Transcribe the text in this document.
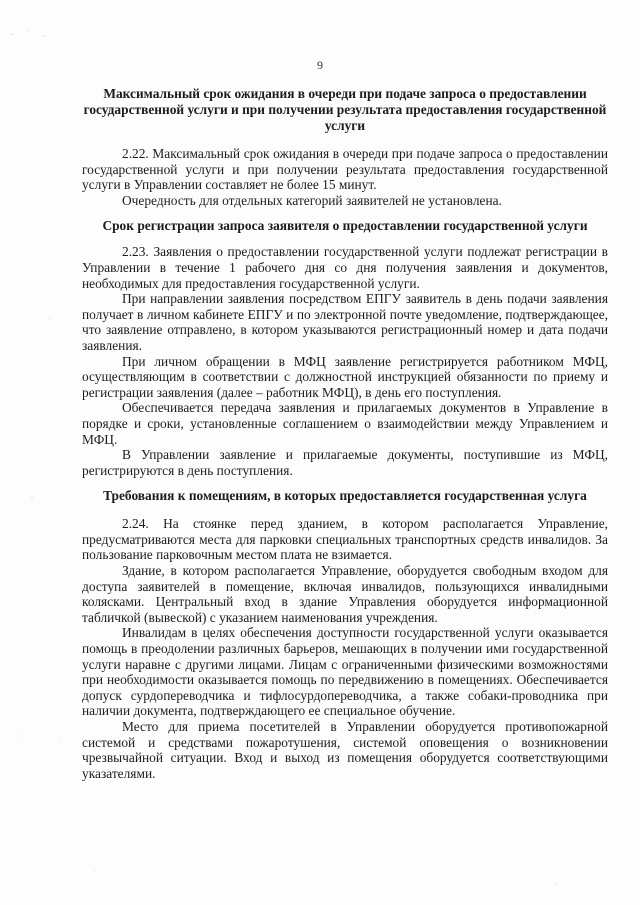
9
Максимальный срок ожидания в очереди при подаче запроса о предоставлении государственной услуги и при получении результата предоставления государственной услуги

2.22. Максимальный срок ожидания в очереди при подаче запроса о предоставлении государственной услуги и при получении результата предоставления государственной услуги в Управлении составляет не более 15 минут.

Очередность для отдельных категорий заявителей не установлена.

Срок регистрации запроса заявителя о предоставлении государственной услуги

2.23. Заявления о предоставлении государственной услуги подлежат регистрации в Управлении в течение 1 рабочего дня со дня получения заявления и документов, необходимых для предоставления государственной услуги.

При направлении заявления посредством ЕПГУ заявитель в день подачи заявления получает в личном кабинете ЕПГУ и по электронной почте уведомление, подтверждающее, что заявление отправлено, в котором указываются регистрационный номер и дата подачи заявления.

При личном обращении в МФЦ заявление регистрируется работником МФЦ, осуществляющим в соответствии с должностной инструкцией обязанности по приему и регистрации заявления (далее – работник МФЦ), в день его поступления.

Обеспечивается передача заявления и прилагаемых документов в Управление в порядке и сроки, установленные соглашением о взаимодействии между Управлением и МФЦ.

В Управлении заявление и прилагаемые документы, поступившие из МФЦ, регистрируются в день поступления.

Требования к помещениям, в которых предоставляется государственная услуга

2.24. На стоянке перед зданием, в котором располагается Управление, предусматриваются места для парковки специальных транспортных средств инвалидов. За пользование парковочным местом плата не взимается.

Здание, в котором располагается Управление, оборудуется свободным входом для доступа заявителей в помещение, включая инвалидов, пользующихся инвалидными колясками. Центральный вход в здание Управления оборудуется информационной табличкой (вывеской) с указанием наименования учреждения.

Инвалидам в целях обеспечения доступности государственной услуги оказывается помощь в преодолении различных барьеров, мешающих в получении ими государственной услуги наравне с другими лицами. Лицам с ограниченными физическими возможностями при необходимости оказывается помощь по передвижению в помещениях. Обеспечивается допуск сурдопереводчика и тифлосурдопереводчика, а также собаки-проводника при наличии документа, подтверждающего ее специальное обучение.

Место для приема посетителей в Управлении оборудуется противопожарной системой и средствами пожаротушения, системой оповещения о возникновении чрезвычайной ситуации. Вход и выход из помещения оборудуется соответствующими указателями.
